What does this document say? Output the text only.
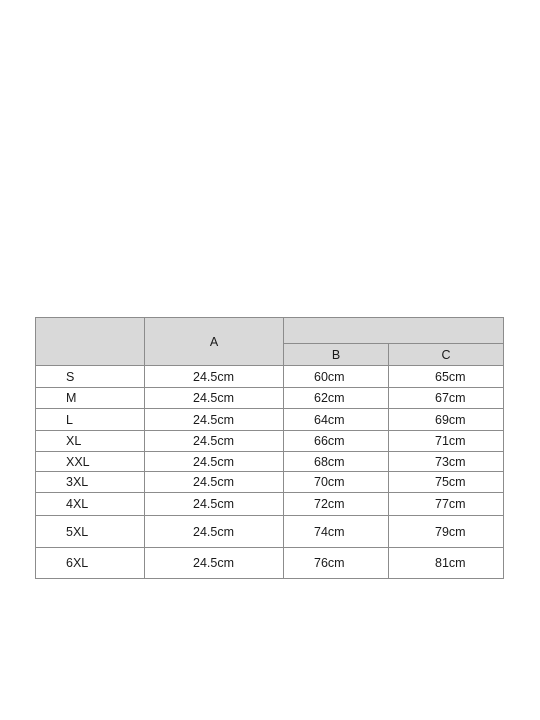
	A		
		B	C
S	24.5cm	60cm	65cm
M	24.5cm	62cm	67cm
L	24.5cm	64cm	69cm
XL	24.5cm	66cm	71cm
XXL	24.5cm	68cm	73cm
3XL	24.5cm	70cm	75cm
4XL	24.5cm	72cm	77cm
5XL	24.5cm	74cm	79cm
6XL	24.5cm	76cm	81cm
